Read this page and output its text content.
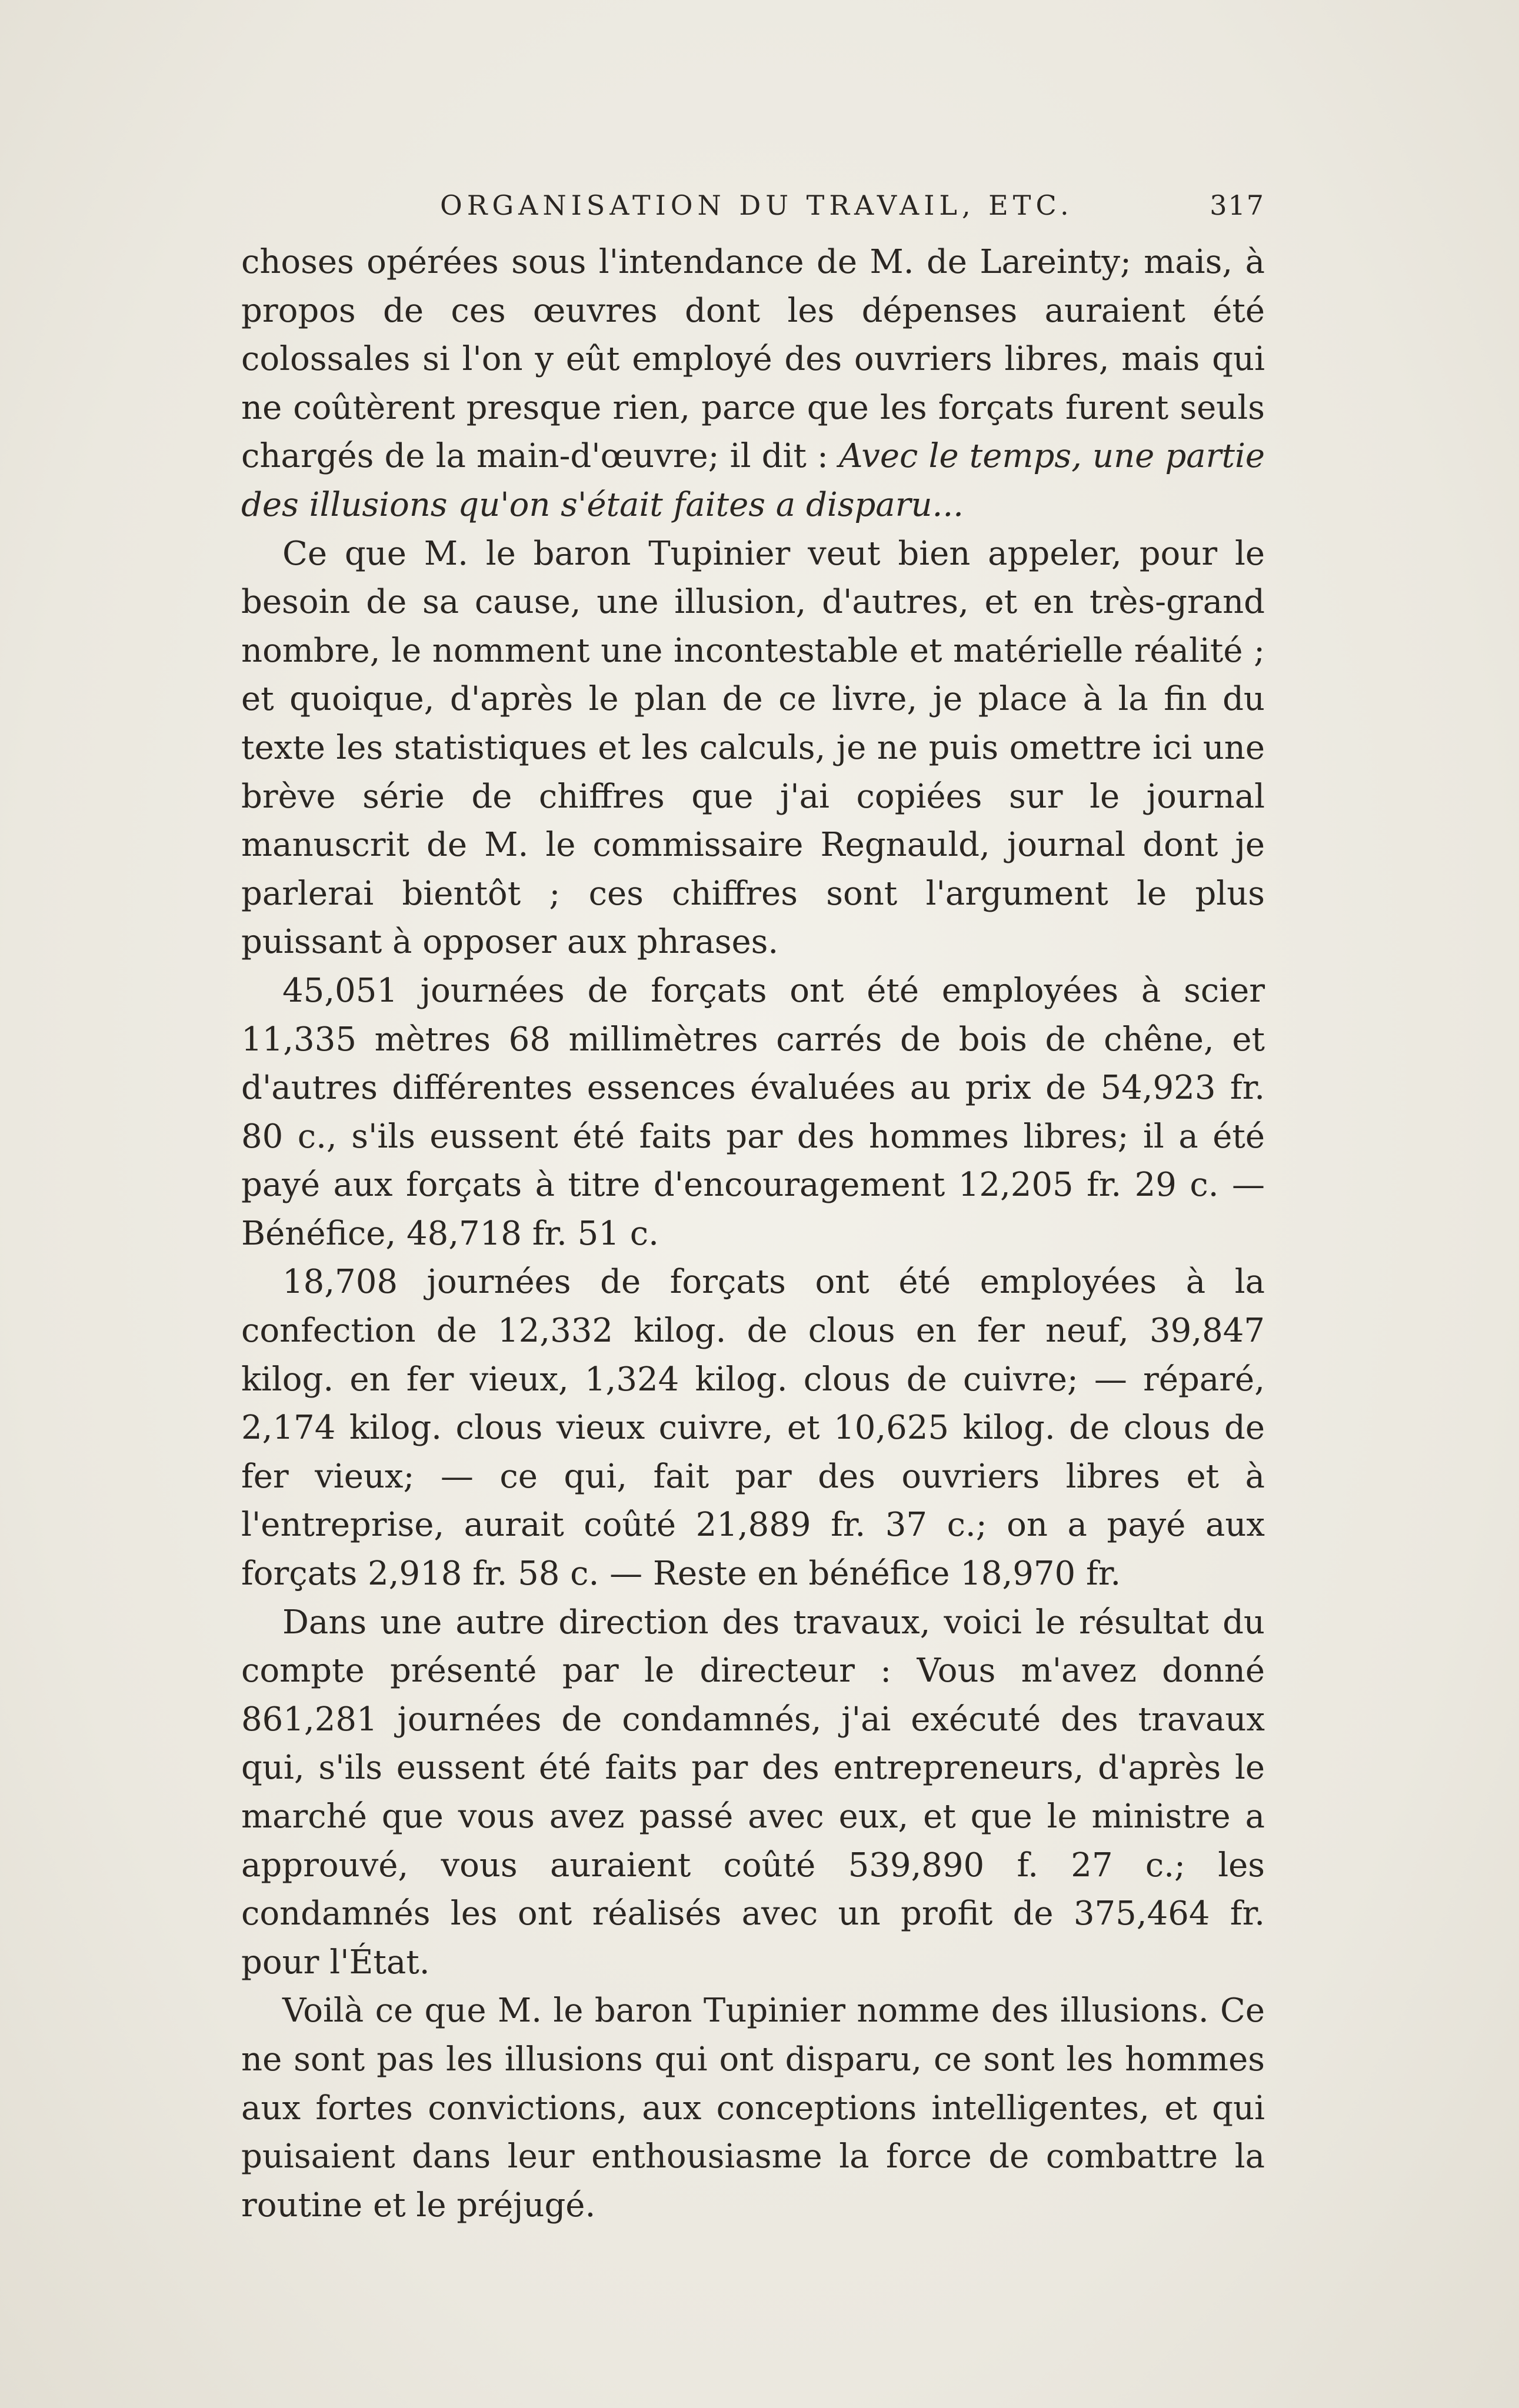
ORGANISATION DU TRAVAIL, ETC.	317

choses opérées sous l'intendance de M. de Lareinty; mais, à propos de ces œuvres dont les dépenses auraient été colossales si l'on y eût employé des ouvriers libres, mais qui ne coûtèrent presque rien, parce que les forçats furent seuls chargés de la main-d'œuvre; il dit : Avec le temps, une partie des illusions qu'on s'était faites a disparu...

Ce que M. le baron Tupinier veut bien appeler, pour le besoin de sa cause, une illusion, d'autres, et en très-grand nombre, le nomment une incontestable et matérielle réalité ; et quoique, d'après le plan de ce livre, je place à la fin du texte les statistiques et les calculs, je ne puis omettre ici une brève série de chiffres que j'ai copiées sur le journal manuscrit de M. le commissaire Regnauld, journal dont je parlerai bientôt ; ces chiffres sont l'argument le plus puissant à opposer aux phrases.

45,051 journées de forçats ont été employées à scier 11,335 mètres 68 millimètres carrés de bois de chêne, et d'autres différentes essences évaluées au prix de 54,923 fr. 80 c., s'ils eussent été faits par des hommes libres; il a été payé aux forçats à titre d'encouragement 12,205 fr. 29 c. — Bénéfice, 48,718 fr. 51 c.

18,708 journées de forçats ont été employées à la confection de 12,332 kilog. de clous en fer neuf, 39,847 kilog. en fer vieux, 1,324 kilog. clous de cuivre; — réparé, 2,174 kilog. clous vieux cuivre, et 10,625 kilog. de clous de fer vieux; — ce qui, fait par des ouvriers libres et à l'entreprise, aurait coûté 21,889 fr. 37 c.; on a payé aux forçats 2,918 fr. 58 c. — Reste en bénéfice 18,970 fr.

Dans une autre direction des travaux, voici le résultat du compte présenté par le directeur : Vous m'avez donné 861,281 journées de condamnés, j'ai exécuté des travaux qui, s'ils eussent été faits par des entrepreneurs, d'après le marché que vous avez passé avec eux, et que le ministre a approuvé, vous auraient coûté 539,890 f. 27 c.; les condamnés les ont réalisés avec un profit de 375,464 fr. pour l'État.

Voilà ce que M. le baron Tupinier nomme des illusions. Ce ne sont pas les illusions qui ont disparu, ce sont les hommes aux fortes convictions, aux conceptions intelligentes, et qui puisaient dans leur enthousiasme la force de combattre la routine et le préjugé.
